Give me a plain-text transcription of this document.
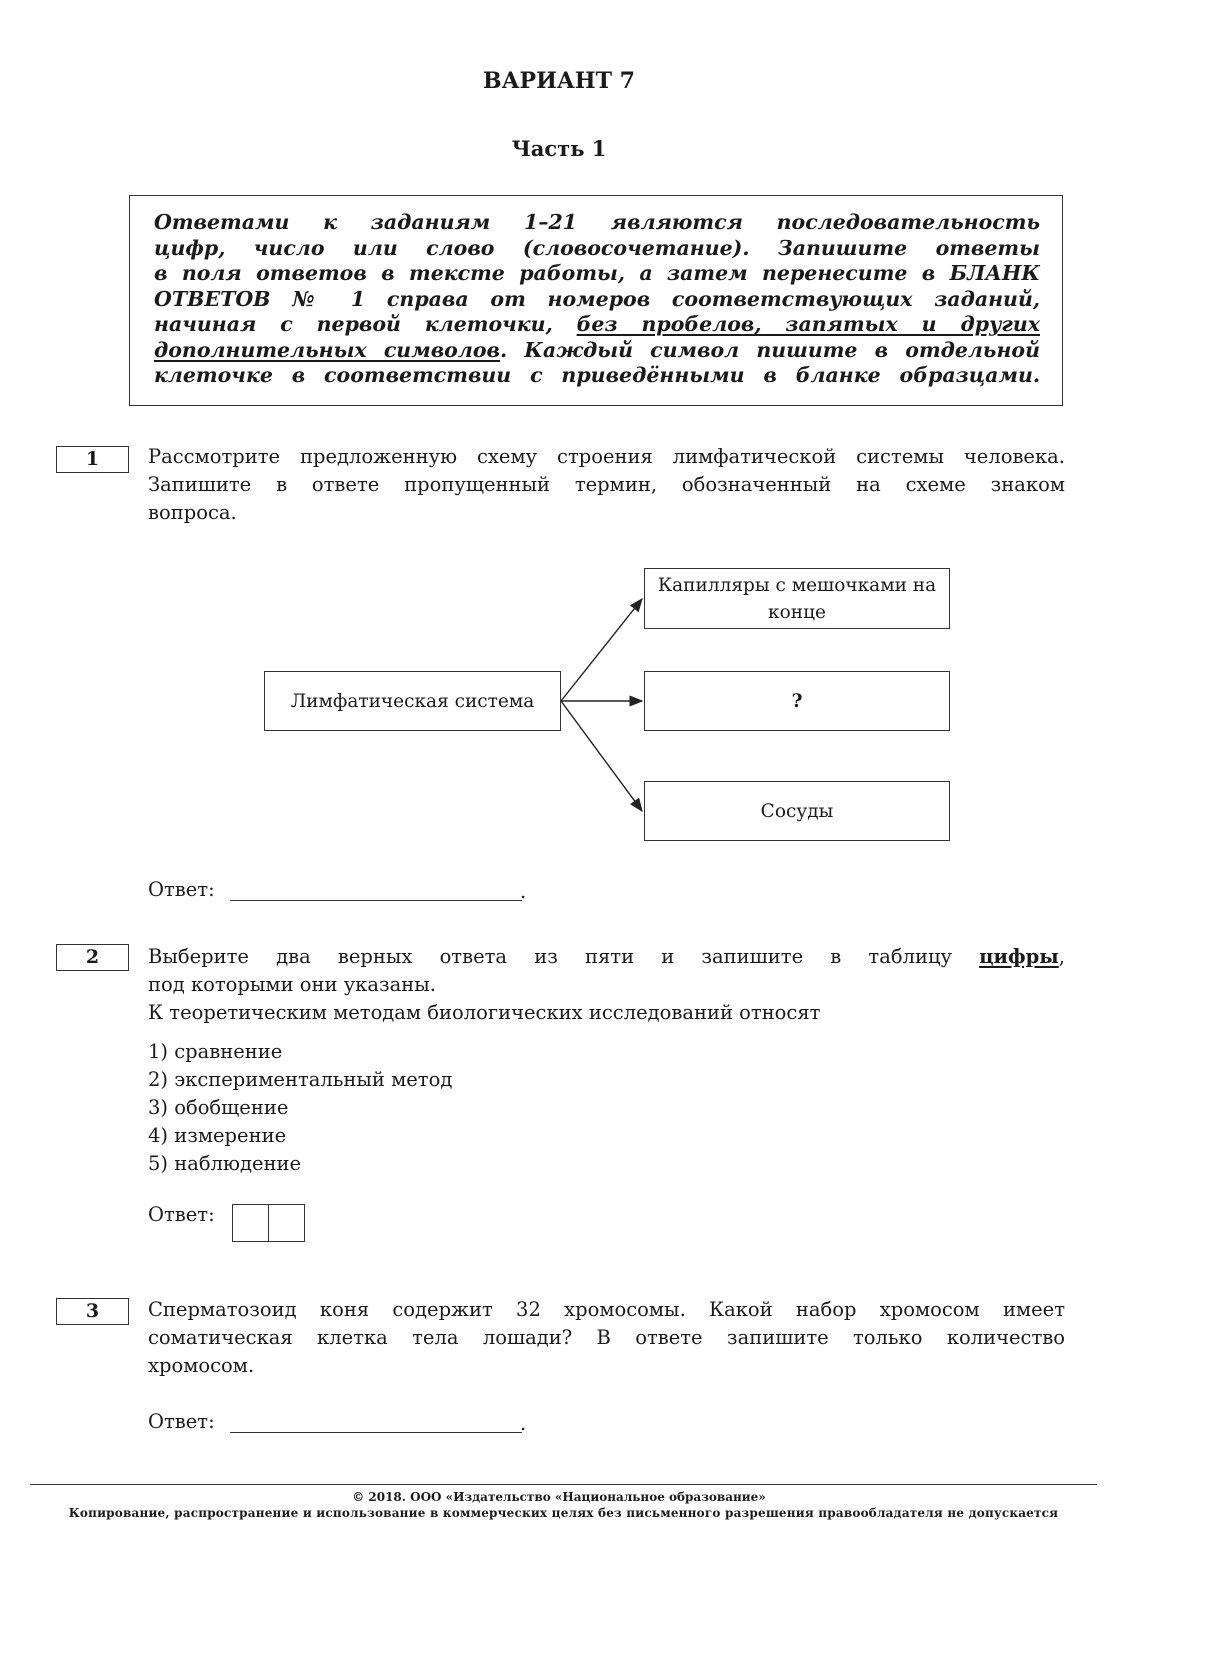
ВАРИАНТ 7
Часть 1
Ответами к заданиям 1–21 являются последовательность
цифр, число или слово (словосочетание). Запишите ответы
в поля ответов в тексте работы, а затем перенесите в БЛАНК
ОТВЕТОВ № 1 справа от номеров соответствующих заданий,
начиная с первой клеточки, без пробелов, запятых и других
дополнительных символов. Каждый символ пишите в отдельной
клеточке в соответствии с приведёнными в бланке образцами.
1	Рассмотрите предложенную схему строения лимфатической системы человека.
Запишите в ответе пропущенный термин, обозначенный на схеме знаком
вопроса.
Лимфатическая система
Капилляры с мешочками на конце
?
Сосуды
Ответ:	.
2	Выберите два верных ответа из пяти и запишите в таблицу цифры,
под которыми они указаны.
К теоретическим методам биологических исследований относят
1) сравнение
2) экспериментальный метод
3) обобщение
4) измерение
5) наблюдение
Ответ:
3	Сперматозоид коня содержит 32 хромосомы. Какой набор хромосом имеет
соматическая клетка тела лошади? В ответе запишите только количество
хромосом.
Ответ:	.
© 2018. ООО «Издательство «Национальное образование»
Копирование, распространение и использование в коммерческих целях без письменного разрешения правообладателя не допускается
